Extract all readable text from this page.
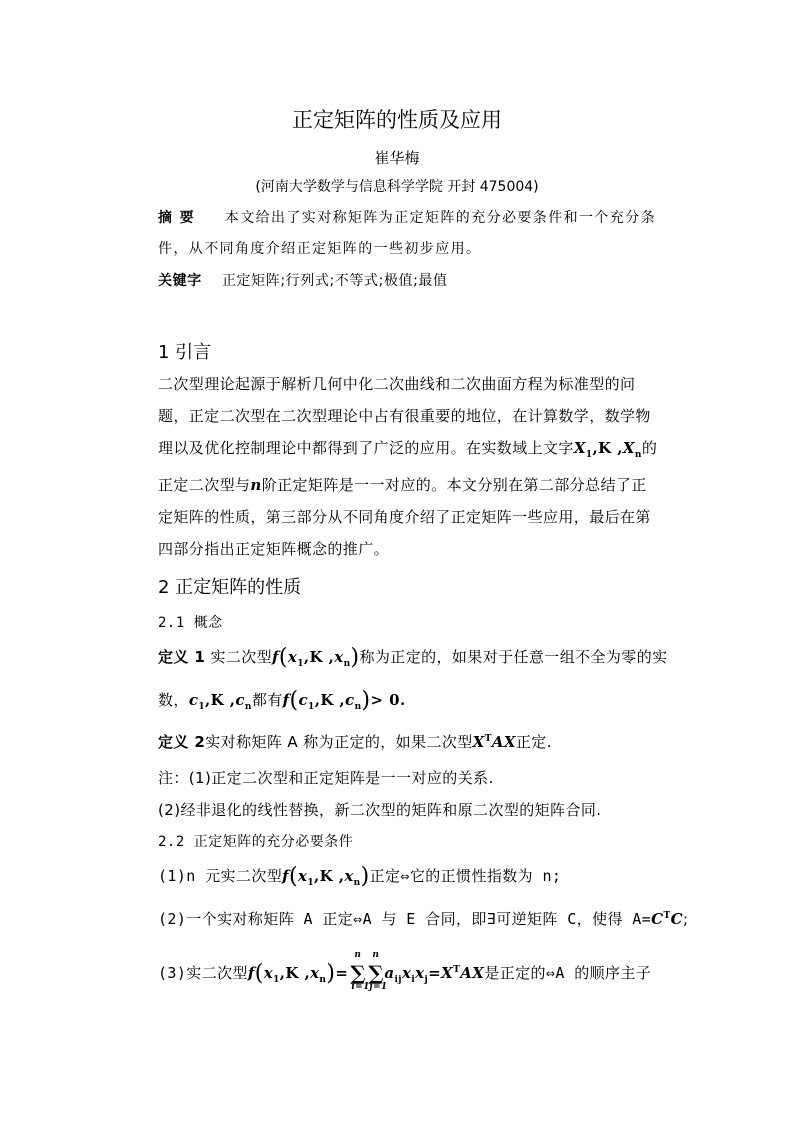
正定矩阵的性质及应用
崔华梅
(河南大学数学与信息科学学院 开封 475004)
摘 要 本文给出了实对称矩阵为正定矩阵的充分必要条件和一个充分条
件，从不同角度介绍正定矩阵的一些初步应用。
关键字 正定矩阵;行列式;不等式;极值;最值
1 引言
二次型理论起源于解析几何中化二次曲线和二次曲面方程为标准型的问
题，正定二次型在二次型理论中占有很重要的地位，在计算数学，数学物
理以及优化控制理论中都得到了广泛的应用。在实数域上文字$X_1,K$ $,X_n$的
正定二次型与n阶正定矩阵是一一对应的。本文分别在第二部分总结了正
定矩阵的性质，第三部分从不同角度介绍了正定矩阵一些应用，最后在第
四部分指出正定矩阵概念的推广。
2 正定矩阵的性质
2.1 概念
定义 1 实二次型$f(x_1,K$ $,x_n$)称为正定的，如果对于任意一组不全为零的实
数，$c_1,K$ $,c_n$都有$f(c_1,K$ $,c_n)> 0$.
定义 2实对称矩阵 A 称为正定的，如果二次型$X^TAX$正定.
注：(1)正定二次型和正定矩阵是一一对应的关系.
(2)经非退化的线性替换，新二次型的矩阵和原二次型的矩阵合同.
2.2 正定矩阵的充分必要条件
(1)n 元实二次型$f(x_1,K$ $,x_n$)正定⇔它的正惯性指数为 n;
(2)一个实对称矩阵 A 正定⇔A 与 E 合同，即∃可逆矩阵 C，使得 $A=C^TC$;
(3)实二次型$f(x_1,K$ $,x_n)=$
n
∑
i=1
n
∑
j=1
$a_{ij}x_ix_j=X^TAX$是正定的⇔A 的顺序主子
